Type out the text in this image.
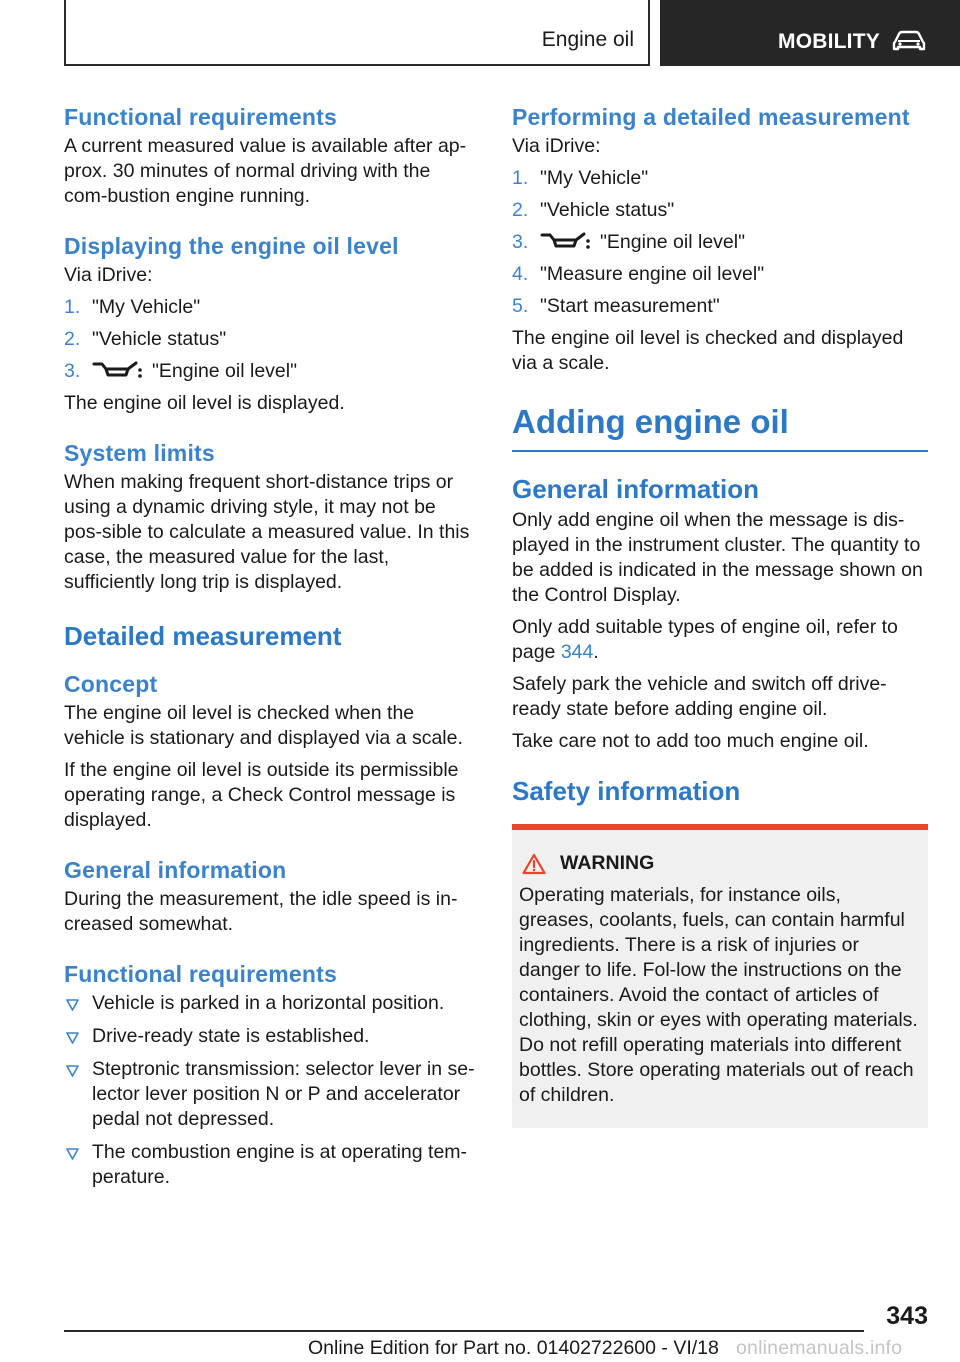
Engine oil	MOBILITY
Functional requirements

A current measured value is available after ap‐prox. 30 minutes of normal driving with the com‐bustion engine running.

Displaying the engine oil level

Via iDrive:

1. "My Vehicle"
2. "Vehicle status"
3.	"Engine oil level"

The engine oil level is displayed.

System limits

When making frequent short-distance trips or using a dynamic driving style, it may not be pos‐sible to calculate a measured value. In this case, the measured value for the last, sufficiently long trip is displayed.

Detailed measurement
Concept

The engine oil level is checked when the vehicle is stationary and displayed via a scale.

If the engine oil level is outside its permissible operating range, a Check Control message is displayed.

General information

During the measurement, the idle speed is in‐creased somewhat.

Functional requirements
Vehicle is parked in a horizontal position.
Drive-ready state is established.
Steptronic transmission: selector lever in se‐lector lever position N or P and accelerator pedal not depressed.
The combustion engine is at operating tem‐perature.
Performing a detailed measurement

Via iDrive:

1. "My Vehicle"
2. "Vehicle status"
3.	"Engine oil level"
4. "Measure engine oil level"
5. "Start measurement"

The engine oil level is checked and displayed via a scale.

Adding engine oil
General information

Only add engine oil when the message is dis‐played in the instrument cluster. The quantity to be added is indicated in the message shown on the Control Display.

Only add suitable types of engine oil, refer to page 344.

Safely park the vehicle and switch off drive-ready state before adding engine oil.

Take care not to add too much engine oil.

Safety information
WARNING

Operating materials, for instance oils, greases, coolants, fuels, can contain harmful ingredients. There is a risk of injuries or danger to life. Fol‐low the instructions on the containers. Avoid the contact of articles of clothing, skin or eyes with operating materials. Do not refill operating materials into different bottles. Store operating materials out of reach of children.

343
Online Edition for Part no. 01402722600 - VI/18 onlinemanuals.info
